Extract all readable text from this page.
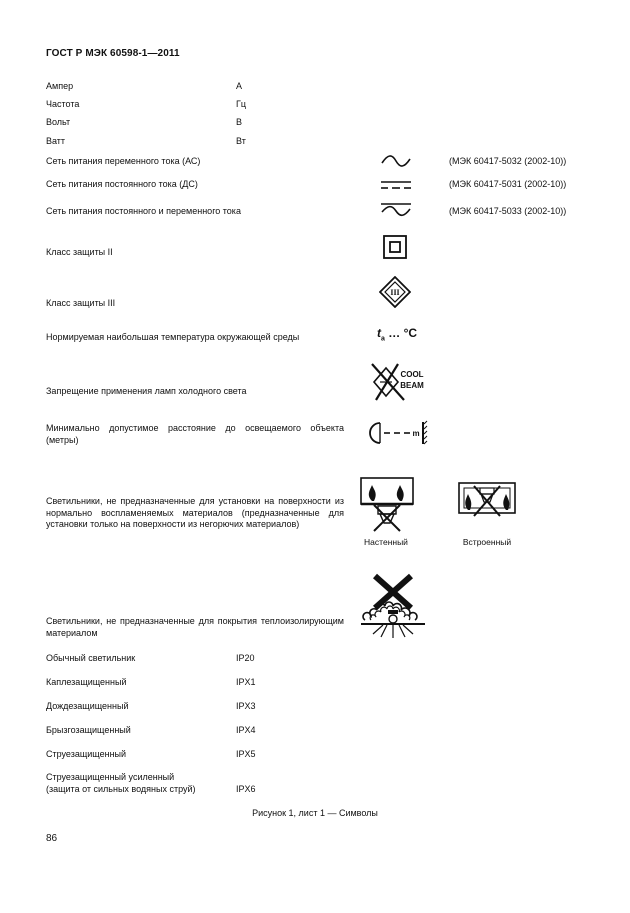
ГОСТ Р МЭК 60598-1—2011
Ампер	А
Частота	Гц
Вольт	В
Ватт	Вт
Сеть питания переменного тока (АС)	(МЭК 60417-5032 (2002-10))
Сеть питания постоянного тока (ДС)	(МЭК 60417-5031 (2002-10))
Сеть питания постоянного и переменного тока	(МЭК 60417-5033 (2002-10))
Класс защиты II
Класс защиты III
III
Нормируемая наибольшая температура окружающей среды	$t_a$ … °C
Запрещение применения ламп холодного света
COOL
BEAM
Минимально допустимое расстояние до освещаемого объекта (метры)
m
Светильники, не предназначенные для установки на поверхности из нормально воспламеняемых материалов (предназначенные для установки только на поверхности из негорючих материалов)
Настенный	Встроенный
Светильники, не предназначенные для покрытия теплоизолирующим материалом
Обычный светильник	IP20
Каплезащищенный	IPX1
Дождезащищенный	IPX3
Брызгозащищенный	IPX4
Струезащищенный	IPX5
Струезащищенный усиленный
(защита от сильных водяных струй)	IPX6
Рисунок 1, лист 1 — Символы
86
